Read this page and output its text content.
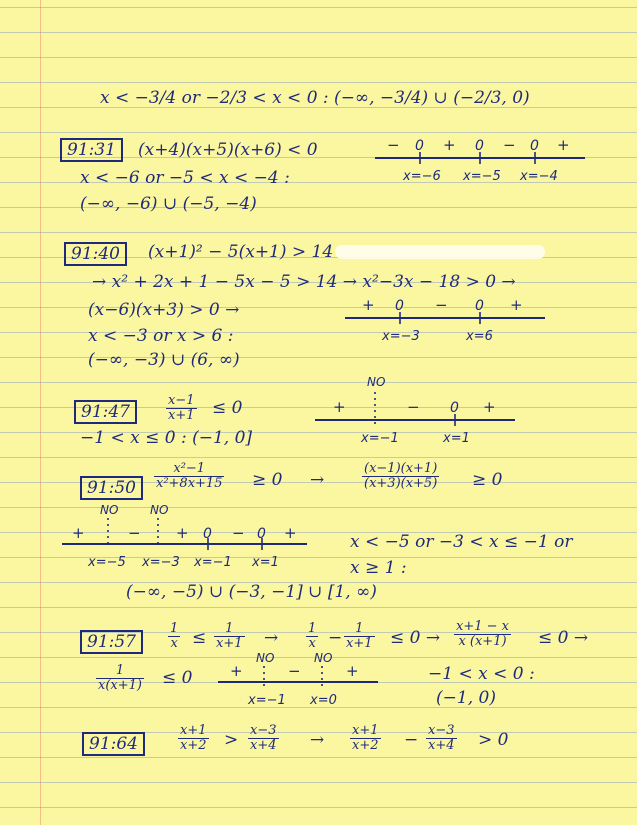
x < −3/4 or −2/3 < x < 0 : (−∞, −3/4) ∪ (−2/3, 0)
91:31	(x+4)(x+5)(x+6) < 0
x < −6 or −5 < x < −4 :
(−∞, −6) ∪ (−5, −4)
− 0 + 0 − 0 +
x=−6 x=−5 x=−4
91:40	(x+1)² − 5(x+1) > 14
→ x² + 2x + 1 − 5x − 5 > 14 → x²−3x − 18 > 0 →
(x−6)(x+3) > 0 →
x < −3 or x > 6 :
(−∞, −3) ∪ (6, ∞)
+ 0 − 0 +
x=−3	x=6
91:47	$\frac{x-1}{x+1} \le 0$
−1 < x ≤ 0 : (−1, 0]
NO
+	− 0 +
x=−1	x=1
91:50	$\frac{\text{x²−1}}{\text{x²+8x+15}} \ge 0$ →	$\frac{(x-1)(x+1)}{(x+3)(x+5)} \ge 0$
NO	NO
+	− + 0 − 0 +
x=−5 x=−3 x=−1 x=1
x < −5 or −3 < x ≤ −1 or
x ≥ 1 :
(−∞, −5) ∪ (−3, −1] ∪ [1, ∞)
91:57	$\frac{1}{x} \le \frac{1}{x+1} \to \frac{1}{x} - \frac{1}{x+1} \le 0 \to \frac{x+1 - x}{x (x+1)} \le 0$ →
$\frac{1}{x(x+1)} \le 0$
NO	NO
+	−	+
x=−1 x=0
−1 < x < 0 :
(−1, 0)
91:64	$\frac{x+1}{x+2} > \frac{x-3}{x+4} \to \frac{x+1}{x+2} - \frac{x-3}{x+4} > 0$
